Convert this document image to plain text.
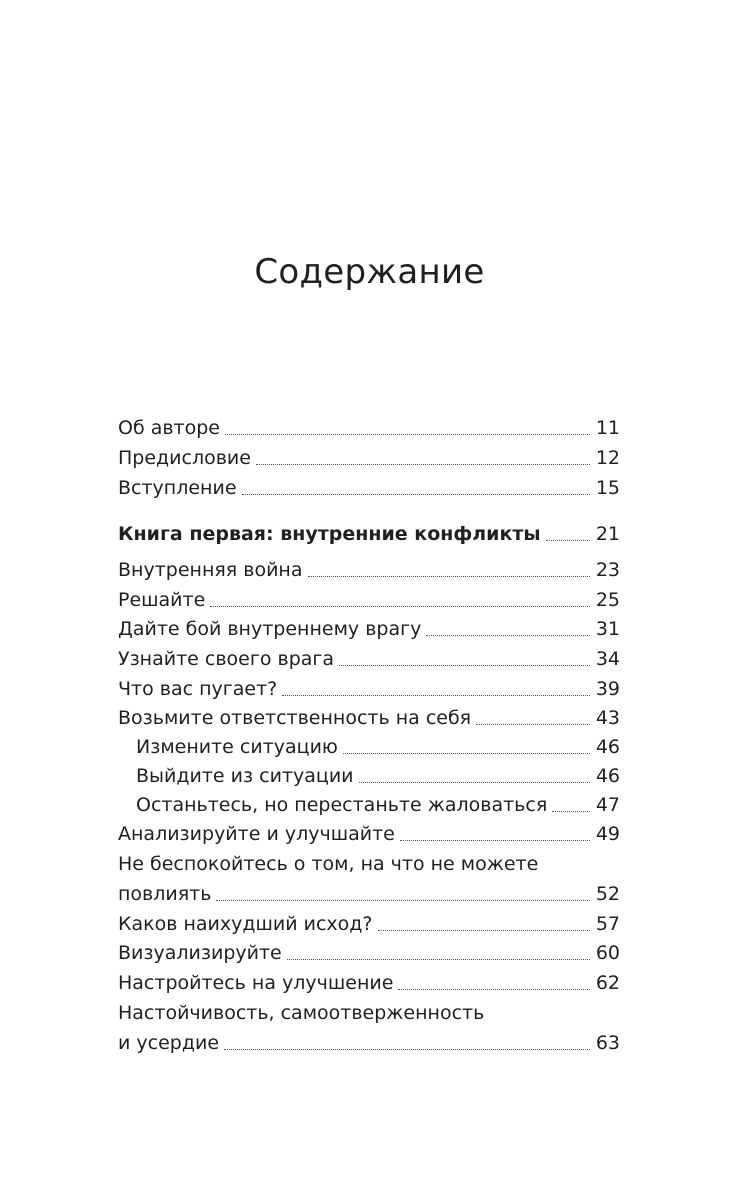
Содержание
Об авторе	11
Предисловие	12
Вступление	15
Книга первая: внутренние конфликты	21
Внутренняя война	23
Решайте	25
Дайте бой внутреннему врагу	31
Узнайте своего врага	34
Что вас пугает?	39
Возьмите ответственность на себя	43
Измените ситуацию	46
Выйдите из ситуации	46
Останьтесь, но перестаньте жаловаться	47
Анализируйте и улучшайте	49
Не беспокойтесь о том, на что не можете
повлиять	52
Каков наихудший исход?	57
Визуализируйте	60
Настройтесь на улучшение	62
Настойчивость, самоотверженность
и усердие	63
